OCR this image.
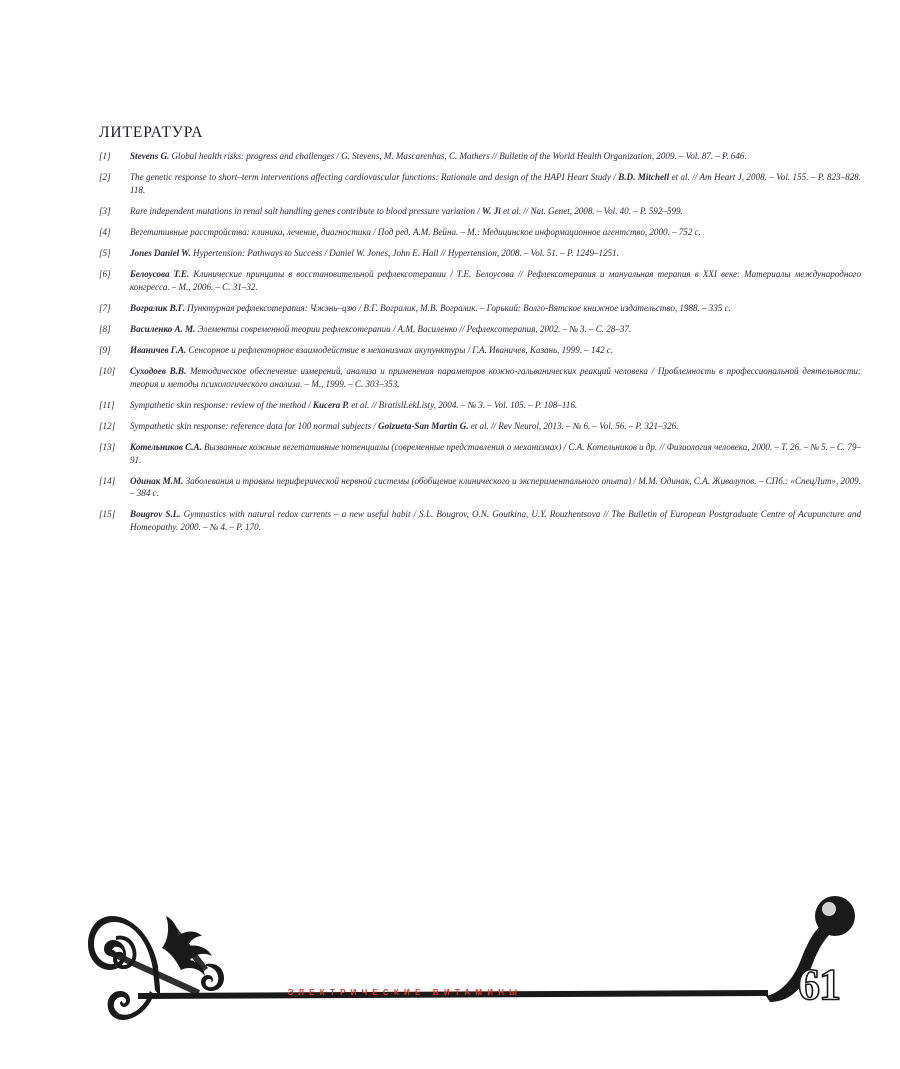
ЛИТЕРАТУРА
[1]	Stevens G. Global health risks: progress and challenges / G. Stevens, M. Mascarenhas, C. Mathers // Bulletin of the World Health Organization, 2009. – Vol. 87. – P. 646.
[2]	The genetic response to short–term interventions affecting cardiovascular functions: Rationale and design of the HAPI Heart Study / B.D. Mitchell et al. // Am Heart J, 2008. – Vol. 155. – P. 823–828. 118.
[3]	Rare independent mutations in renal salt handling genes contribute to blood pressure variation / W. Ji et al. // Nat. Genet, 2008. – Vol. 40. – P. 592–599.
[4]	Вегетативные расстройства: клиника, лечение, диагностика / Под ред. А.М. Вейна. – М.: Медицинское информационное агентство, 2000. – 752 с.
[5]	Jones Daniel W. Hypertension: Pathways to Success / Daniel W. Jones, John E. Hall // Hypertension, 2008. – Vol. 51. – P. 1249–1251.
[6]	Белоусова Т.Е. Клинические принципы в восстановительной рефлексотерапии / Т.Е. Белоусова // Рефлексотерапия и мануальная терапия в XXI веке: Материалы международного конгресса. – М., 2006. – С. 31–32.
[7]	Вогралик В.Г. Пунктурная рефлексотерапия: Чжэнь–цзю / В.Г. Вогралик, М.В. Вогралик. – Горький: Волго-Вятское книжное издательство, 1988. – 335 с.
[8]	Василенко А. М. Элементы современной теории рефлексотерапии / А.М. Василенко // Рефлексотерапия, 2002. – № 3. – С. 28–37.
[9]	Иваничев Г.А. Сенсорное и рефлекторное взаимодействие в механизмах акупунктуры / Г.А. Иваничев, Казань, 1999. – 142 с.
[10]	Суходоев В.В. Методическое обеспечение измерений, анализа и применения параметров кожно-гальванических реакций человека / Проблемность в профессиональной деятельности: теория и методы психологического анализа. – М., 1999. – С. 303–353.
[11]	Sympathetic skin response: review of the method / Kucera P. et al. // BratislLekListy, 2004. – № 3. – Vol. 105. – P. 108–116.
[12]	Sympathetic skin response: reference data for 100 normal subjects / Goizueta-San Martin G. et al. // Rev Neurol, 2013. – № 6. – Vol. 56. – P. 321–326.
[13]	Котельников С.А. Вызванные кожные вегетативные потенциалы (современные представления о механизмах) / С.А. Котельников и др. // Физиология человека, 2000. – Т. 26. – № 5. – С. 79–91.
[14]	Одинак М.М. Заболевания и травмы периферической нервной системы (обобщение клинического и экспериментального опыта) / М.М. Одинак, С.А. Живолупов. – СПб.: «СпецЛит», 2009. – 384 с.
[15]	Bougrov S.L. Gymnastics with natural redox currents – a new useful habit / S.L. Bougrov, O.N. Goutkina, U.Y. Rouzhentsova // The Bulletin of European Postgraduate Centre of Acupuncture and Homeopathy. 2000. – № 4. – P. 170.
ЭЛЕКТРИЧЕСКИЕ ВИТАМИНЫ	61
